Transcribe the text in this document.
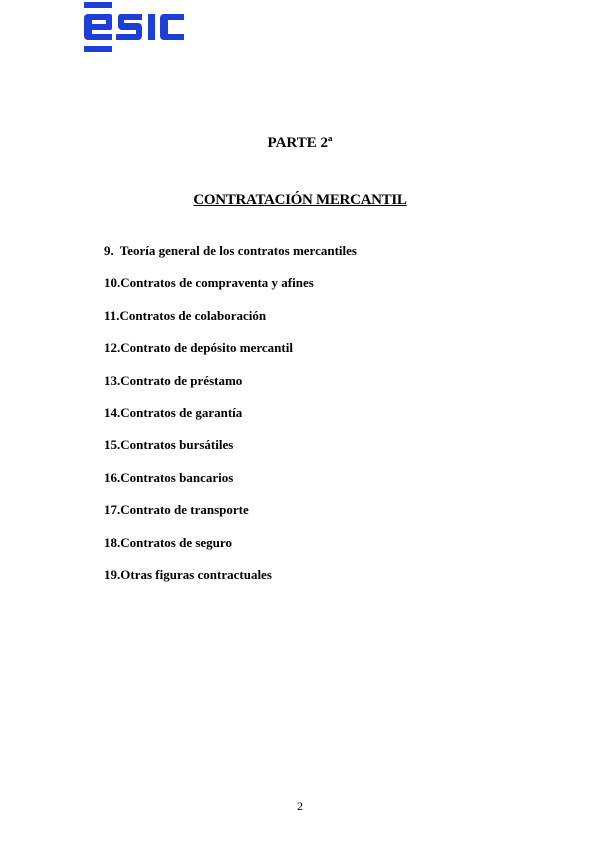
PARTE 2ª
CONTRATACIÓN MERCANTIL
9. Teoría general de los contratos mercantiles
10.Contratos de compraventa y afines
11.Contratos de colaboración
12.Contrato de depósito mercantil
13.Contrato de préstamo
14.Contratos de garantía
15.Contratos bursátiles
16.Contratos bancarios
17.Contrato de transporte
18.Contratos de seguro
19.Otras figuras contractuales
2
